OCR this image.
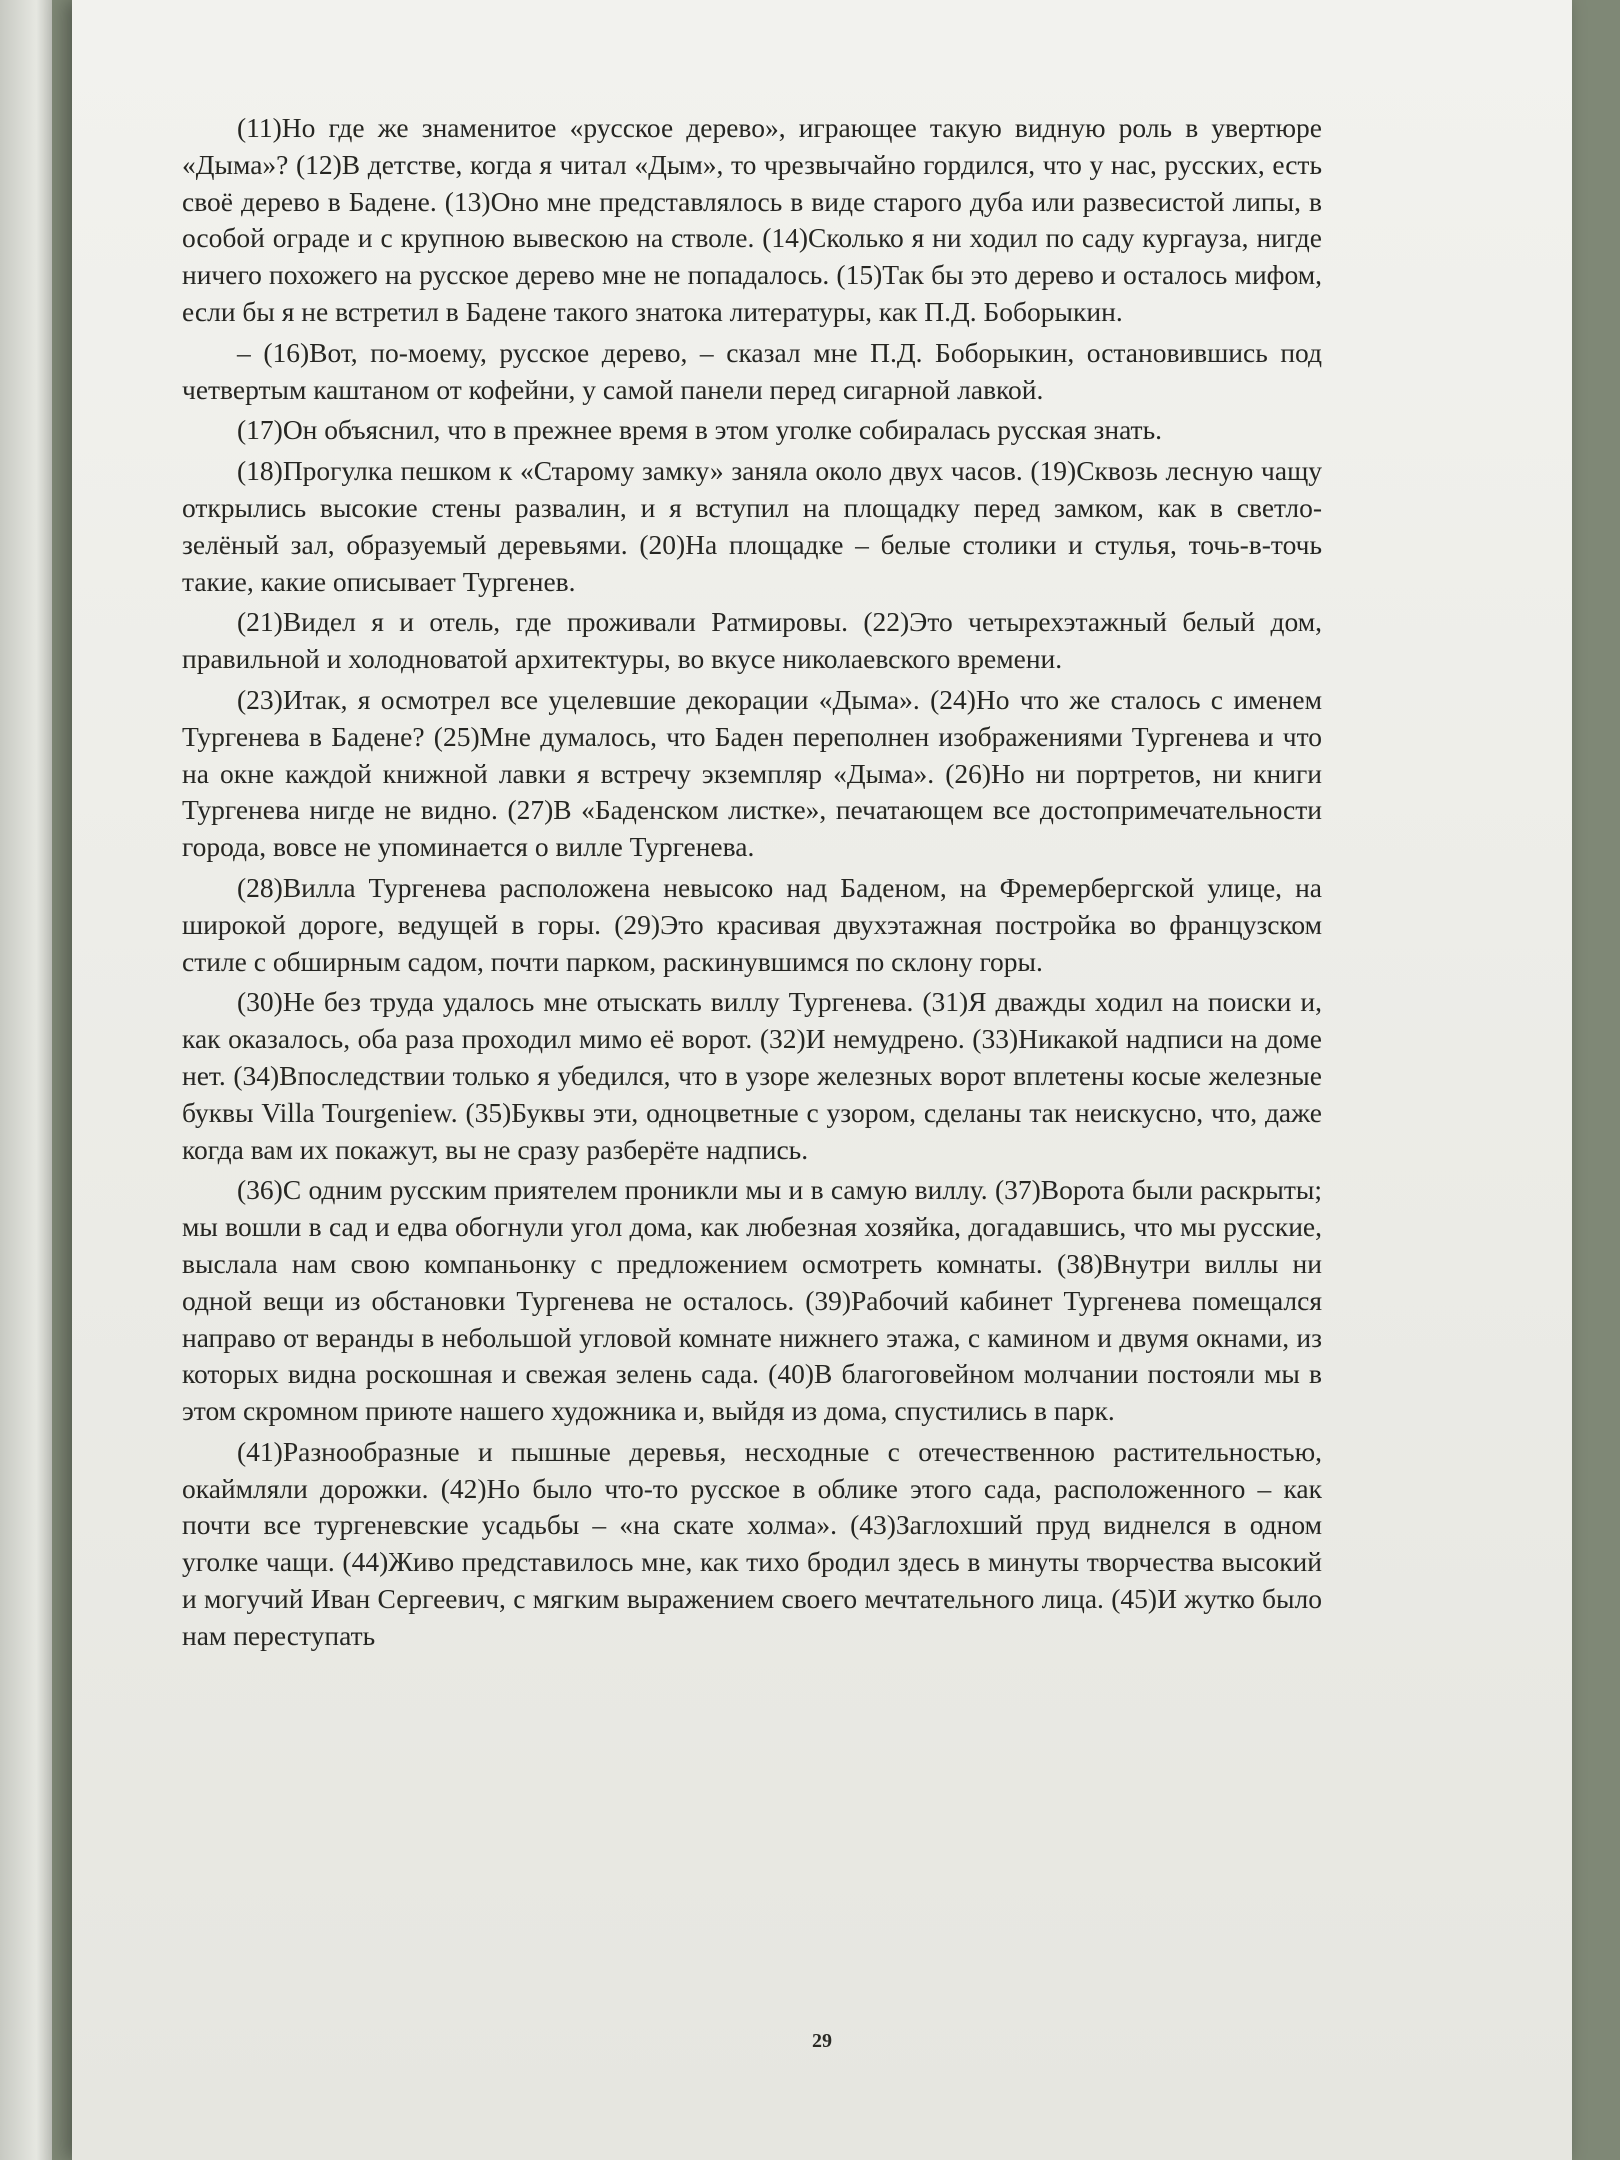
(11)Но где же знаменитое «русское дерево», играющее такую видную роль в увертюре «Дыма»? (12)В детстве, когда я читал «Дым», то чрезвычайно гордился, что у нас, русских, есть своё дерево в Бадене. (13)Оно мне представлялось в виде старого дуба или развесистой липы, в особой ограде и с крупною вывескою на стволе. (14)Сколько я ни ходил по саду кургауза, нигде ничего похожего на русское дерево мне не попадалось. (15)Так бы это дерево и осталось мифом, если бы я не встретил в Бадене такого знатока литературы, как П.Д. Боборыкин.

– (16)Вот, по-моему, русское дерево, – сказал мне П.Д. Боборыкин, остановившись под четвертым каштаном от кофейни, у самой панели перед сигарной лавкой.

(17)Он объяснил, что в прежнее время в этом уголке собиралась русская знать.

(18)Прогулка пешком к «Старому замку» заняла около двух часов. (19)Сквозь лесную чащу открылись высокие стены развалин, и я вступил на площадку перед замком, как в светло-зелёный зал, образуемый деревьями. (20)На площадке – белые столики и стулья, точь-в-точь такие, какие описывает Тургенев.

(21)Видел я и отель, где проживали Ратмировы. (22)Это четырехэтажный белый дом, правильной и холодноватой архитектуры, во вкусе николаевского времени.

(23)Итак, я осмотрел все уцелевшие декорации «Дыма». (24)Но что же сталось с именем Тургенева в Бадене? (25)Мне думалось, что Баден переполнен изображениями Тургенева и что на окне каждой книжной лавки я встречу экземпляр «Дыма». (26)Но ни портретов, ни книги Тургенева нигде не видно. (27)В «Баденском листке», печатающем все достопримечательности города, вовсе не упоминается о вилле Тургенева.

(28)Вилла Тургенева расположена невысоко над Баденом, на Фремербергской улице, на широкой дороге, ведущей в горы. (29)Это красивая двухэтажная постройка во французском стиле с обширным садом, почти парком, раскинувшимся по склону горы.

(30)Не без труда удалось мне отыскать виллу Тургенева. (31)Я дважды ходил на поиски и, как оказалось, оба раза проходил мимо её ворот. (32)И немудрено. (33)Никакой надписи на доме нет. (34)Впоследствии только я убедился, что в узоре железных ворот вплетены косые железные буквы Villa Tourgeniew. (35)Буквы эти, одноцветные с узором, сделаны так неискусно, что, даже когда вам их покажут, вы не сразу разберёте надпись.

(36)С одним русским приятелем проникли мы и в самую виллу. (37)Ворота были раскрыты; мы вошли в сад и едва обогнули угол дома, как любезная хозяйка, догадавшись, что мы русские, выслала нам свою компаньонку с предложением осмотреть комнаты. (38)Внутри виллы ни одной вещи из обстановки Тургенева не осталось. (39)Рабочий кабинет Тургенева помещался направо от веранды в небольшой угловой комнате нижнего этажа, с камином и двумя окнами, из которых видна роскошная и свежая зелень сада. (40)В благоговейном молчании постояли мы в этом скромном приюте нашего художника и, выйдя из дома, спустились в парк.

(41)Разнообразные и пышные деревья, несходные с отечественною растительностью, окаймляли дорожки. (42)Но было что-то русское в облике этого сада, расположенного – как почти все тургеневские усадьбы – «на скате холма». (43)Заглохший пруд виднелся в одном уголке чащи. (44)Живо представилось мне, как тихо бродил здесь в минуты творчества высокий и могучий Иван Сергеевич, с мягким выражением своего мечтательного лица. (45)И жутко было нам переступать

29
